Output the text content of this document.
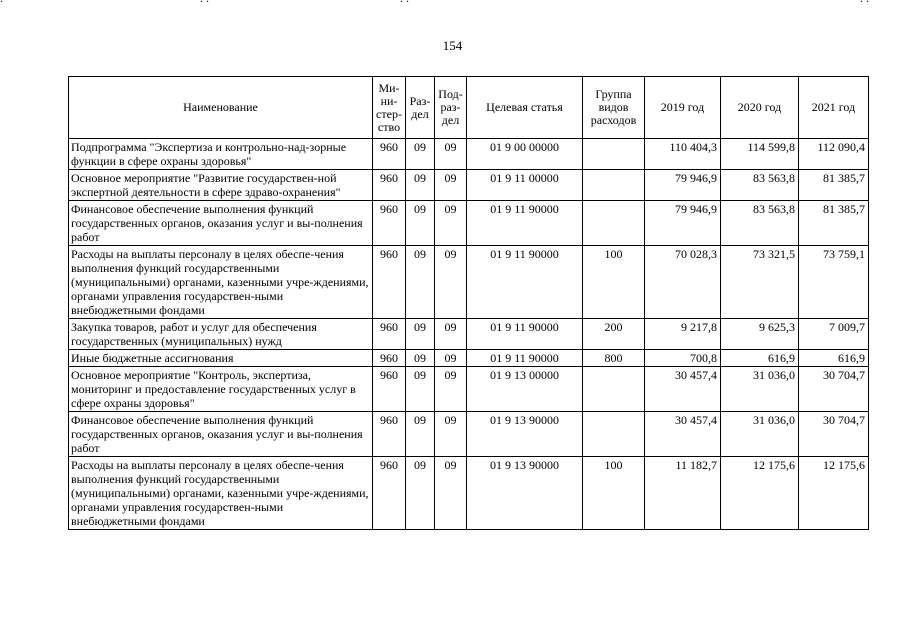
154
Наименование	Ми-ни-стер-ство	Раз-дел	Под-раз-дел	Целевая статья	Группа видов расходов	2019 год	2020 год	2021 год
Подпрограмма "Экспертиза и контрольно-над-зорные функции в сфере охраны здоровья"	960	09	09	01 9 00 00000		110 404,3	114 599,8	112 090,4
Основное мероприятие "Развитие государствен-ной экспертной деятельности в сфере здраво-охранения"	960	09	09	01 9 11 00000		79 946,9	83 563,8	81 385,7
Финансовое обеспечение выполнения функций государственных органов, оказания услуг и вы-полнения работ	960	09	09	01 9 11 90000		79 946,9	83 563,8	81 385,7
Расходы на выплаты персоналу в целях обеспе-чения выполнения функций государственными (муниципальными) органами, казенными учре-ждениями, органами управления государствен-ными внебюджетными фондами	960	09	09	01 9 11 90000	100	70 028,3	73 321,5	73 759,1
Закупка товаров, работ и услуг для обеспечения государственных (муниципальных) нужд	960	09	09	01 9 11 90000	200	9 217,8	9 625,3	7 009,7
Иные бюджетные ассигнования	960	09	09	01 9 11 90000	800	700,8	616,9	616,9
Основное мероприятие "Контроль, экспертиза, мониторинг и предоставление государственных услуг в сфере охраны здоровья"	960	09	09	01 9 13 00000		30 457,4	31 036,0	30 704,7
Финансовое обеспечение выполнения функций государственных органов, оказания услуг и вы-полнения работ	960	09	09	01 9 13 90000		30 457,4	31 036,0	30 704,7
Расходы на выплаты персоналу в целях обеспе-чения выполнения функций государственными (муниципальными) органами, казенными учре-ждениями, органами управления государствен-ными внебюджетными фондами	960	09	09	01 9 13 90000	100	11 182,7	12 175,6	12 175,6
